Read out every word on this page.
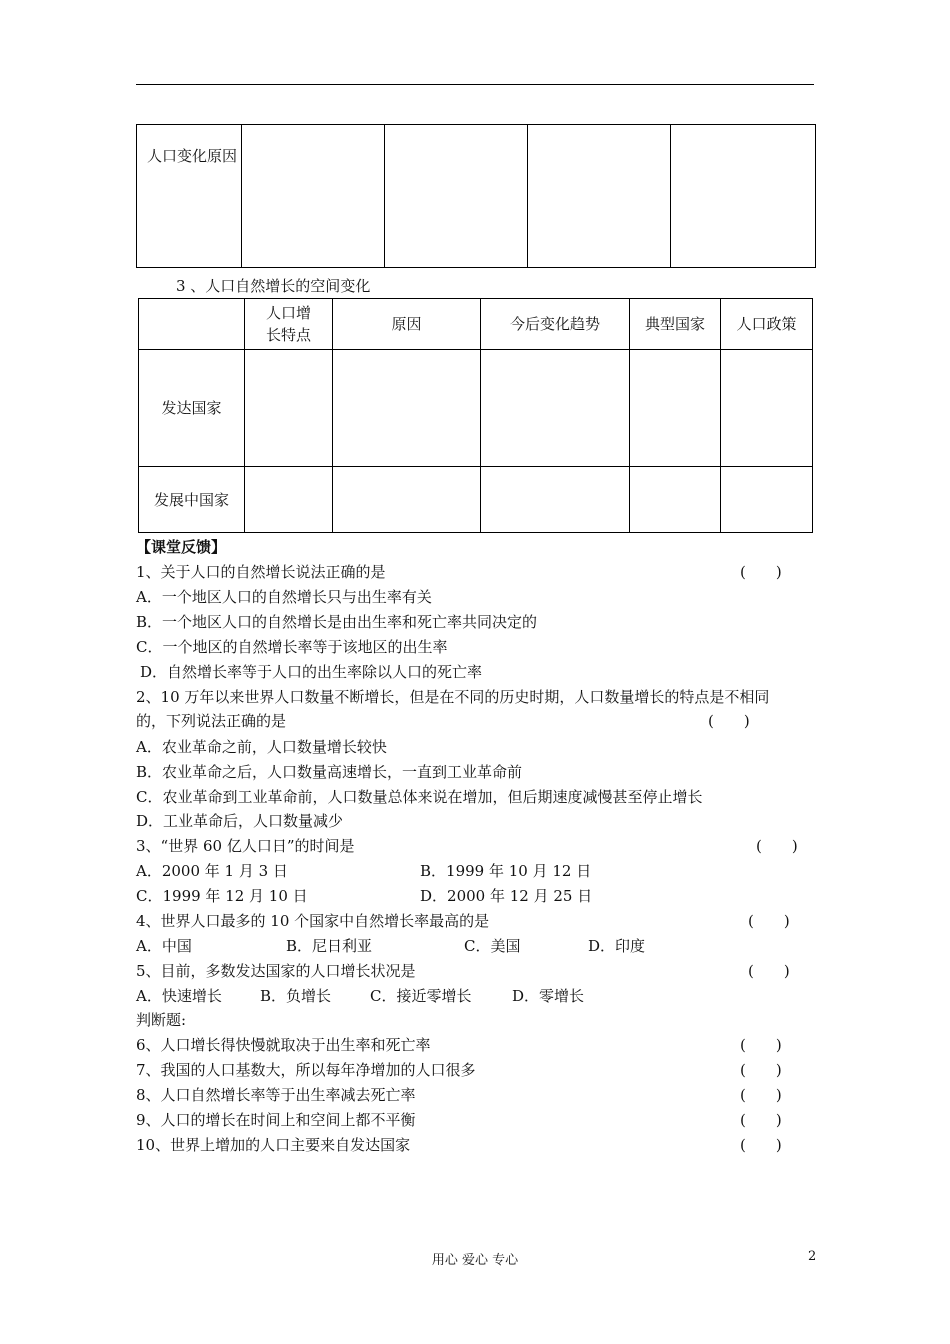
人口变化原因				
3 、人口自然增长的空间变化
	人口增长特点	原因	今后变化趋势	典型国家	人口政策
发达国家					
发展中国家					
【课堂反馈】
1、关于人口的自然增长说法正确的是	(　　)
A．一个地区人口的自然增长只与出生率有关
B．一个地区人口的自然增长是由出生率和死亡率共同决定的
C．一个地区的自然增长率等于该地区的出生率
D．自然增长率等于人口的出生率除以人口的死亡率
2、10 万年以来世界人口数量不断增长，但是在不同的历史时期，人口数量增长的特点是不相同
的，下列说法正确的是	(　　)
A．农业革命之前，人口数量增长较快
B．农业革命之后，人口数量高速增长，一直到工业革命前
C．农业革命到工业革命前，人口数量总体来说在增加，但后期速度减慢甚至停止增长
D．工业革命后，人口数量减少
3、“世界 60 亿人口日”的时间是	(　　)
A．2000 年 1 月 3 日	B．1999 年 10 月 12 日
C．1999 年 12 月 10 日	D．2000 年 12 月 25 日
4、世界人口最多的 10 个国家中自然增长率最高的是	(　　)
A．中国	B．尼日利亚	C．美国	D．印度
5、目前，多数发达国家的人口增长状况是	(　　)
A．快速增长	B．负增长	C．接近零增长	D．零增长
判断题:
6、人口增长得快慢就取决于出生率和死亡率	(　　)
7、我国的人口基数大，所以每年净增加的人口很多	(　　)
8、人口自然增长率等于出生率减去死亡率	(　　)
9、人口的增长在时间上和空间上都不平衡	(　　)
10、世界上增加的人口主要来自发达国家	(　　)
用心 爱心 专心	2
